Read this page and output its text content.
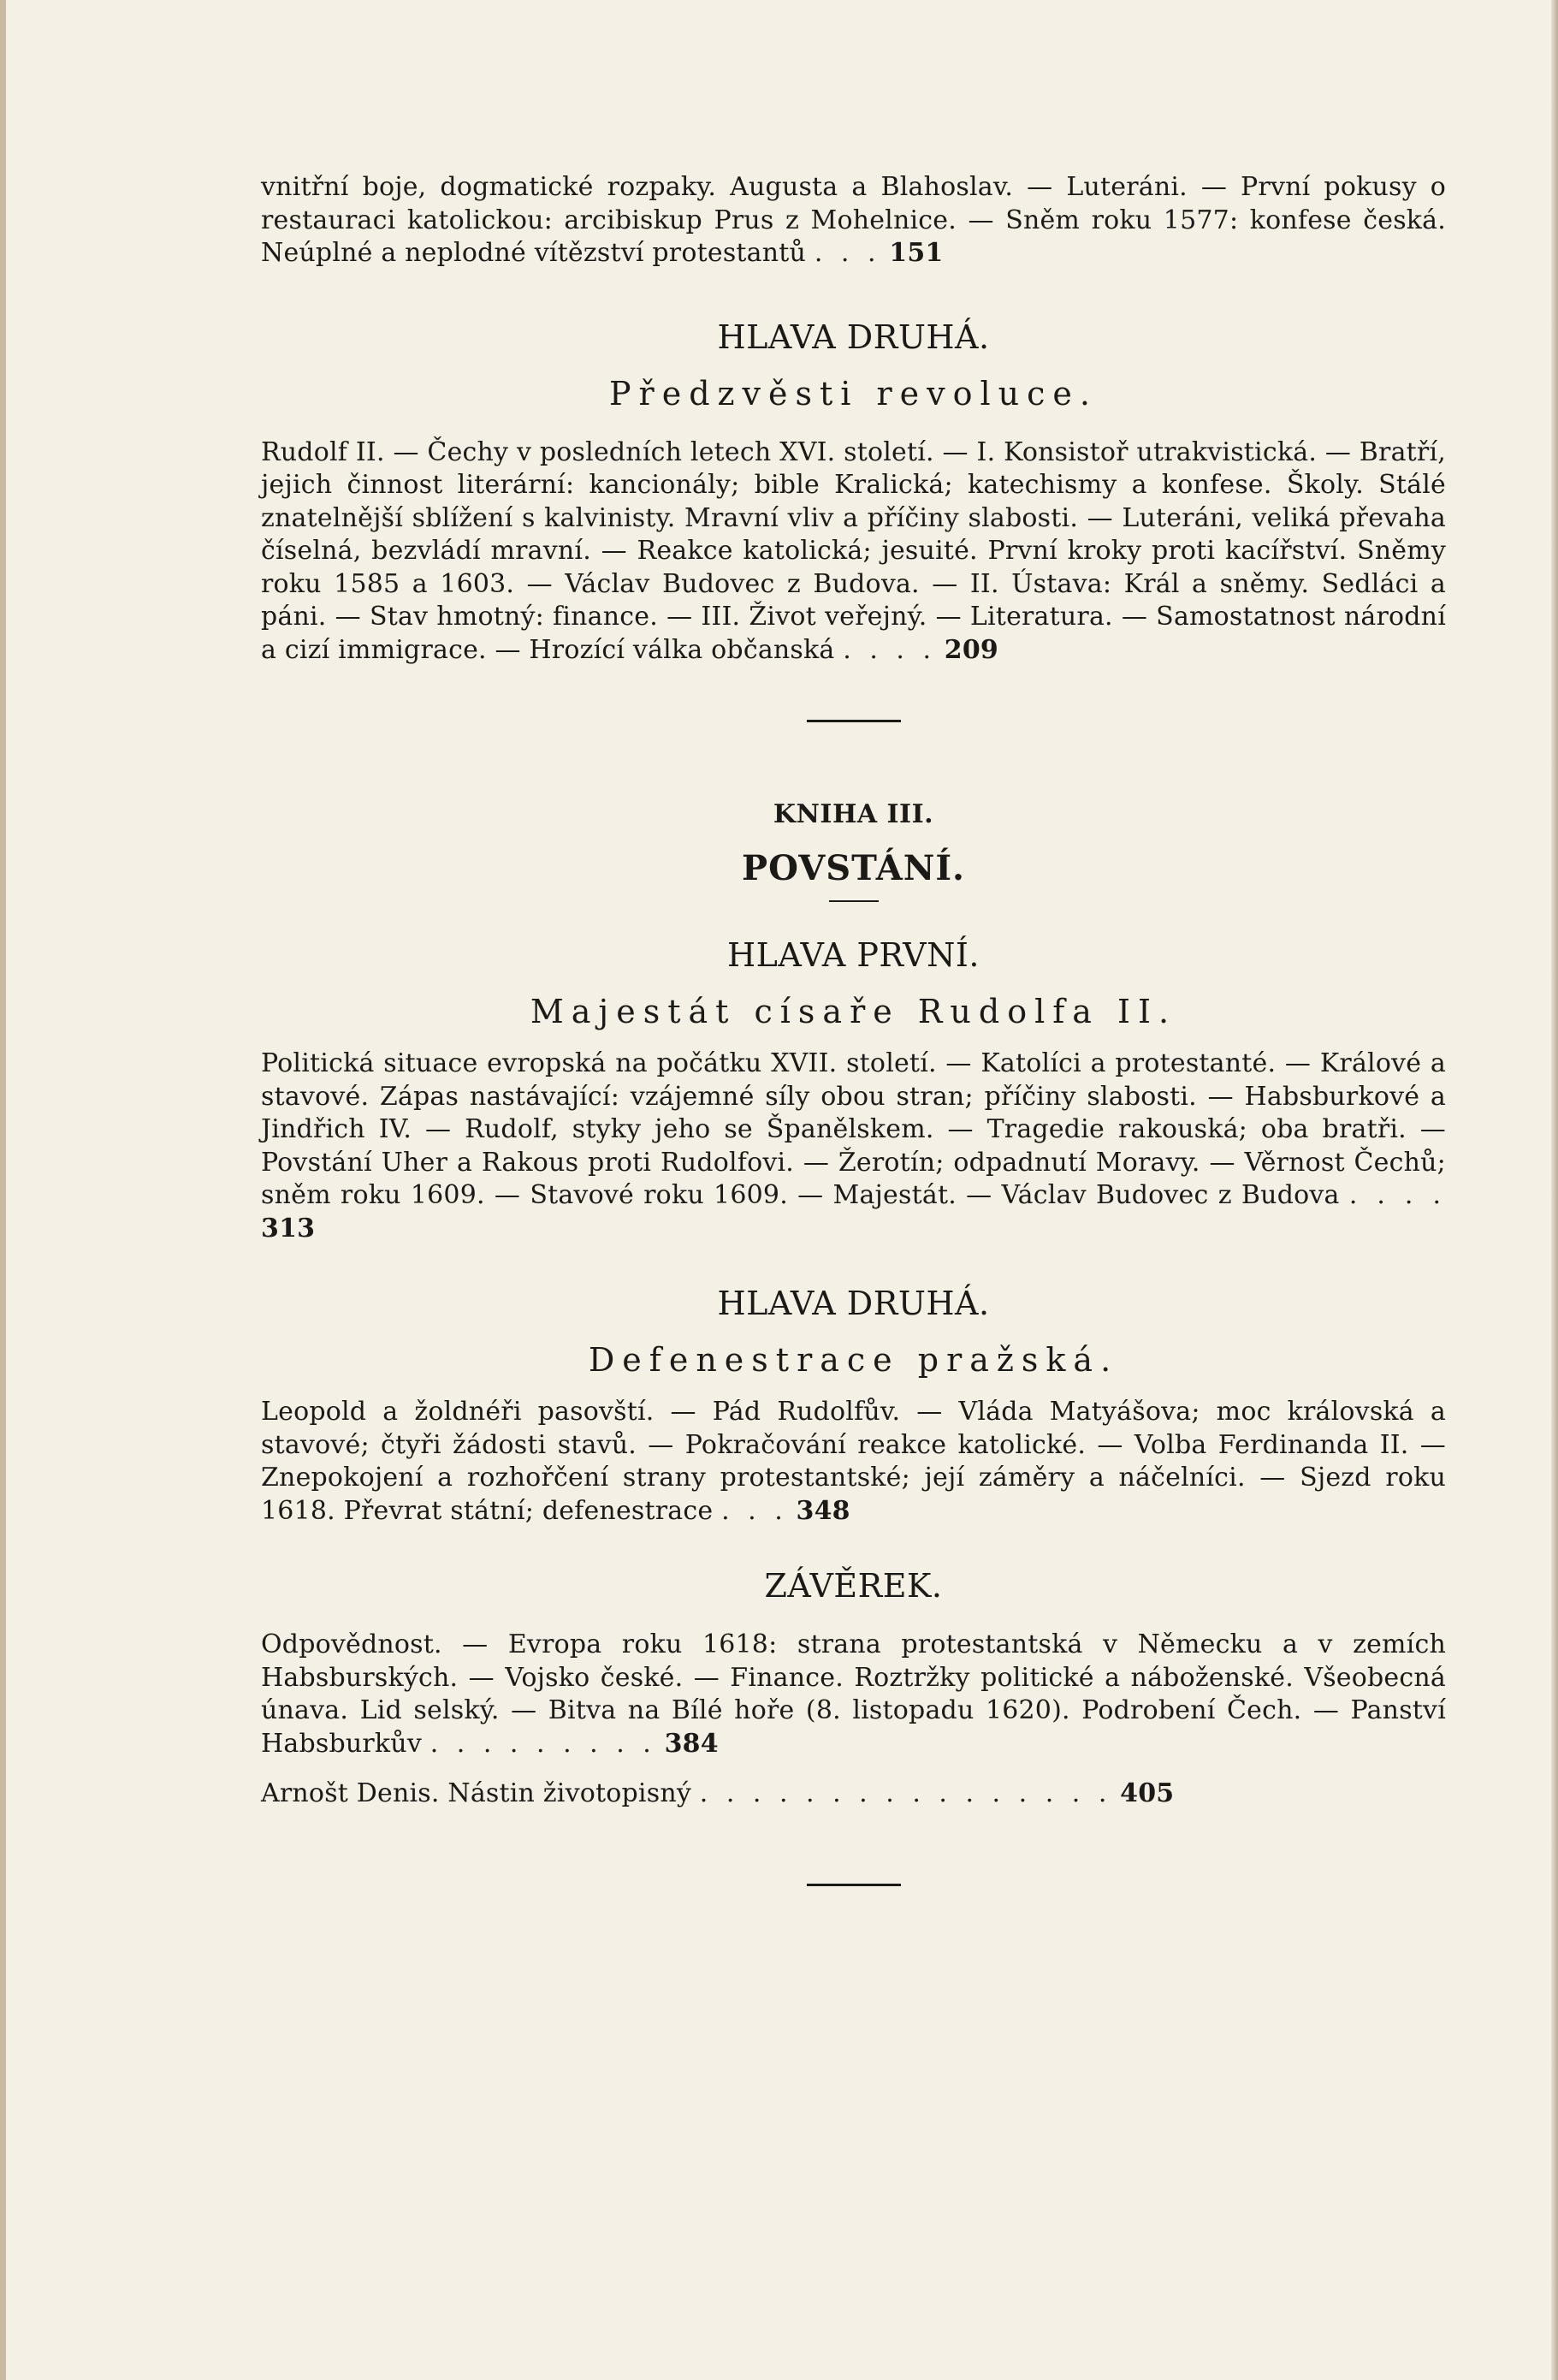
vnitřní boje, dogmatické rozpaky. Augusta a Blahoslav. — Luteráni. — První pokusy o restauraci katolickou: arcibiskup Prus z Mohelnice. — Sněm roku 1577: konfese česká. Neúplné a neplodné vítězství protestantů . . . 151

HLAVA DRUHÁ.

Předzvěsti revoluce.

Rudolf II. — Čechy v posledních letech XVI. století. — I. Konsistoř utrakvistická. — Bratří, jejich činnost literární: kancionály; bible Kralická; katechismy a konfese. Školy. Stálé znatelnější sblížení s kalvinisty. Mravní vliv a příčiny slabosti. — Luteráni, veliká převaha číselná, bezvládí mravní. — Reakce katolická; jesuité. První kroky proti kacířství. Sněmy roku 1585 a 1603. — Václav Budovec z Budova. — II. Ústava: Král a sněmy. Sedláci a páni. — Stav hmotný: finance. — III. Život veřejný. — Literatura. — Samostatnost národní a cizí immigrace. — Hrozící válka občanská . . . . 209

KNIHA III.

POVSTÁNÍ.

HLAVA PRVNÍ.

Majestát císaře Rudolfa II.

Politická situace evropská na počátku XVII. století. — Katolíci a protestanté. — Králové a stavové. Zápas nastávající: vzájemné síly obou stran; příčiny slabosti. — Habsburkové a Jindřich IV. — Rudolf, styky jeho se Španělskem. — Tragedie rakouská; oba bratři. — Povstání Uher a Rakous proti Rudolfovi. — Žerotín; odpadnutí Moravy. — Věrnost Čechů; sněm roku 1609. — Stavové roku 1609. — Majestát. — Václav Budovec z Budova . . . . 313

HLAVA DRUHÁ.

Defenestrace pražská.

Leopold a žoldnéři pasovští. — Pád Rudolfův. — Vláda Matyášova; moc královská a stavové; čtyři žádosti stavů. — Pokračování reakce katolické. — Volba Ferdinanda II. — Znepokojení a rozhořčení strany protestantské; její záměry a náčelníci. — Sjezd roku 1618. Převrat státní; defenestrace . . . 348

ZÁVĚREK.

Odpovědnost. — Evropa roku 1618: strana protestantská v Německu a v zemích Habsburských. — Vojsko české. — Finance. Roztržky politické a náboženské. Všeobecná únava. Lid selský. — Bitva na Bílé hoře (8. listopadu 1620). Podrobení Čech. — Panství Habsburkův . . . . . . . . . 384

Arnošt Denis. Nástin životopisný . . . . . . . . . . . . . . . . 405
